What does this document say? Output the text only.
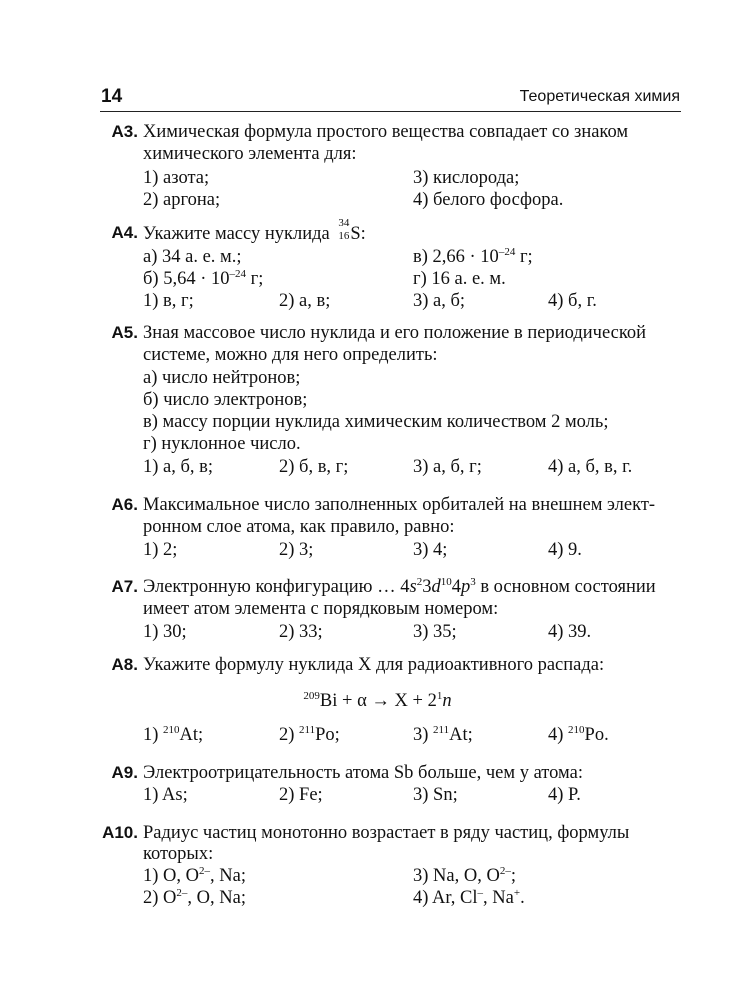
14	Теоретическая химия
A3. Химическая формула простого вещества совпадает со знаком
химического элемента для:
1) азота;	3) кислорода;
2) аргона;	4) белого фосфора.
A4. Укажите массу нуклида
34
16 S:
а) 34 а. е. м.;	в) $2,66 \cdot 10^{-24}$ г;
б) $5,64 \cdot 10^{-24}$ г;	г) 16 а. е. м.
1) в, г;	2) а, в;	3) а, б;	4) б, г.
A5. Зная массовое число нуклида и его положение в периодической
системе, можно для него определить:
а) число нейтронов;
б) число электронов;
в) массу порции нуклида химическим количеством 2 моль;
г) нуклонное число.
1) а, б, в;	2) б, в, г;	3) а, б, г;	4) а, б, в, г.
A6. Максимальное число заполненных орбиталей на внешнем элект-
ронном слое атома, как правило, равно:
1) 2;	2) 3;	3) 4;	4) 9.
A7. Электронную конфигурацию … $4s^23d^{10}4p^3$ в основном состоянии
имеет атом элемента с порядковым номером:
1) 30;	2) 33;	3) 35;	4) 39.
A8. Укажите формулу нуклида X для радиоактивного распада:
$^{209}Bi + \alpha \to X + 2^1n$
1) $^{210}$At;	2) $^{211}$Po;	3) $^{211}$At;	4) $^{210}$Po.
A9. Электроотрицательность атома Sb больше, чем у атома:
1) As;	2) Fe;	3) Sn;	4) P.
A10. Радиус частиц монотонно возрастает в ряду частиц, формулы
которых:
1) O, $O^{2-}$, Na;	3) Na, O, $O^{2-}$;
2) $O^{2-}$, O, Na;	4) Ar, Cl–, Na+.
